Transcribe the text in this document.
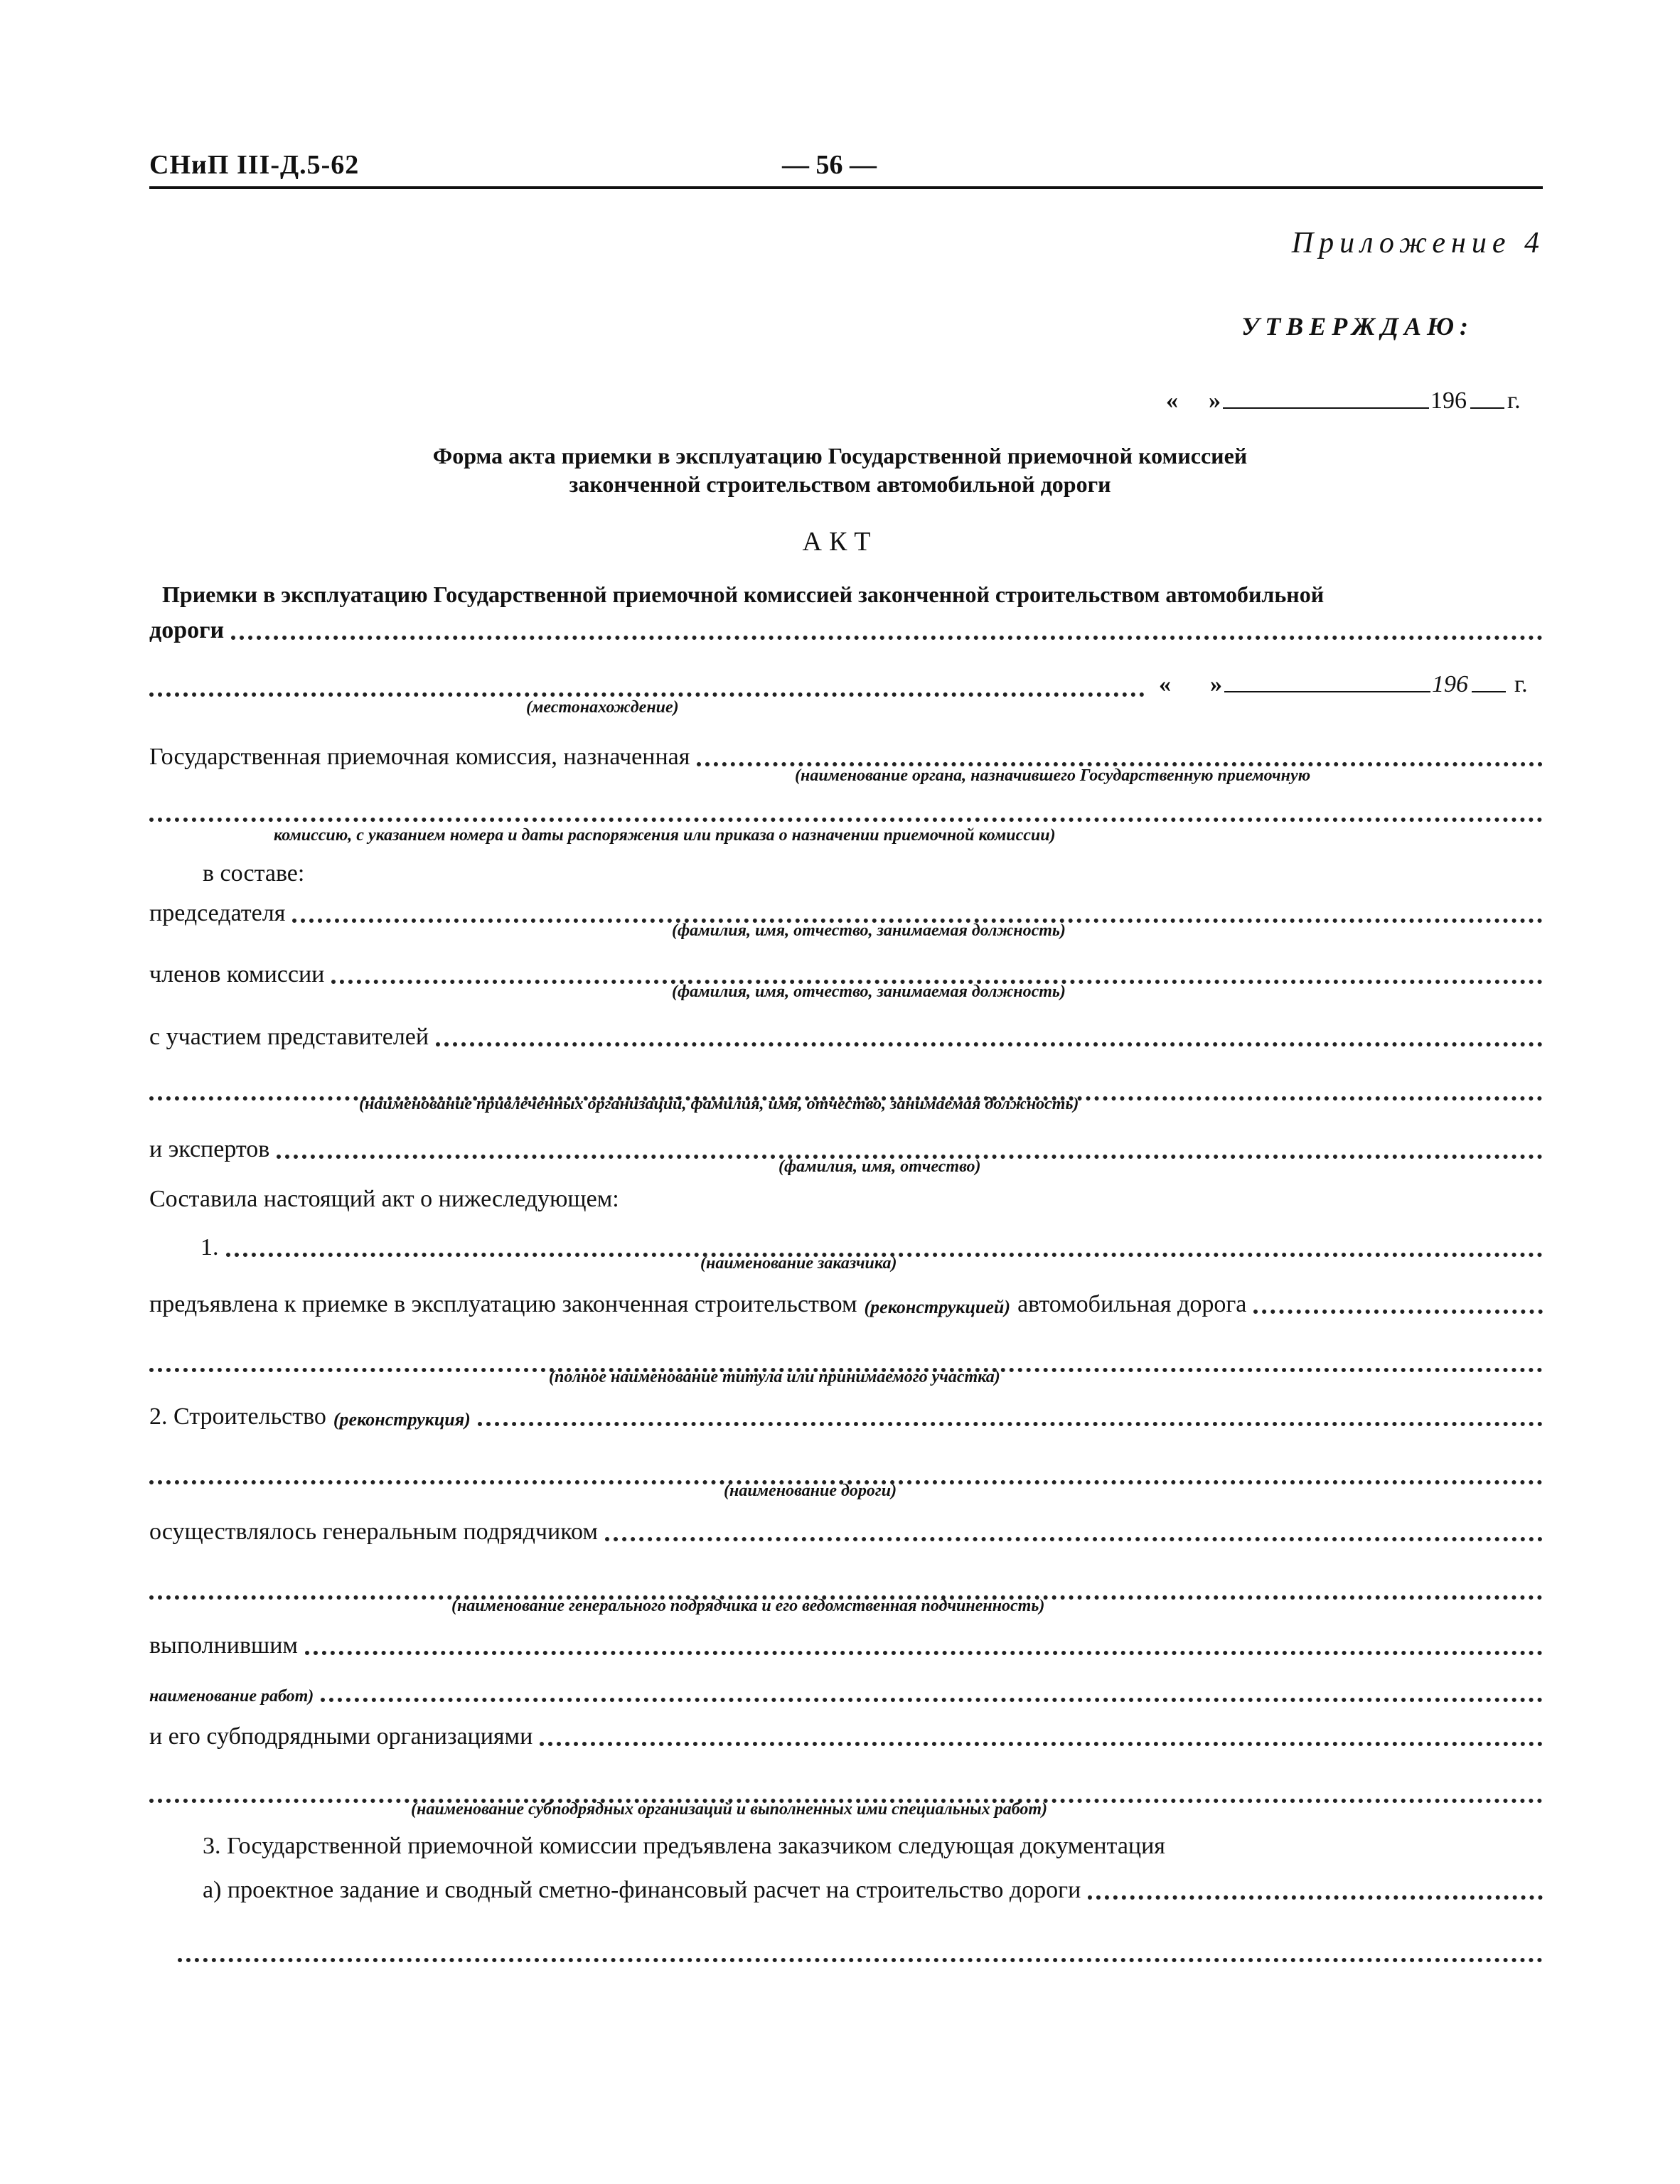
СНиП III-Д.5-62	— 56 —
Приложение 4
УТВЕРЖДАЮ:
« »	196 г.
Форма акта приемки в эксплуатацию Государственной приемочной комиссией
законченной строительством автомобильной дороги
АКТ
Приемки в эксплуатацию Государственной приемочной комиссией законченной строительством автомобильной
дороги
« »	196 г.
(местонахождение)
Государственная приемочная комиссия, назначенная
(наименование органа, назначившего Государственную приемочную
комиссию, с указанием номера и даты распоряжения или приказа о назначении приемочной комиссии)
в составе:
председателя
(фамилия, имя, отчество, занимаемая должность)
членов комиссии
(фамилия, имя, отчество, занимаемая должность)
с участием представителей
(наименование привлеченных организаций, фамилия, имя, отчество, занимаемая должность)
и экспертов
(фамилия, имя, отчество)
Составила настоящий акт о нижеследующем:
1.
(наименование заказчика)
предъявлена к приемке в эксплуатацию законченная строительством (реконструкцией) автомобильная дорога
(полное наименование титула или принимаемого участка)
2. Строительство (реконструкция)
(наименование дороги)
осуществлялось генеральным подрядчиком
(наименование генерального подрядчика и его ведомственная подчиненность)
выполнившим
наименование работ)
и его субподрядными организациями
(наименование субподрядных организаций и выполненных ими специальных работ)
3. Государственной приемочной комиссии предъявлена заказчиком следующая документация
а) проектное задание и сводный сметно-финансовый расчет на строительство дороги
